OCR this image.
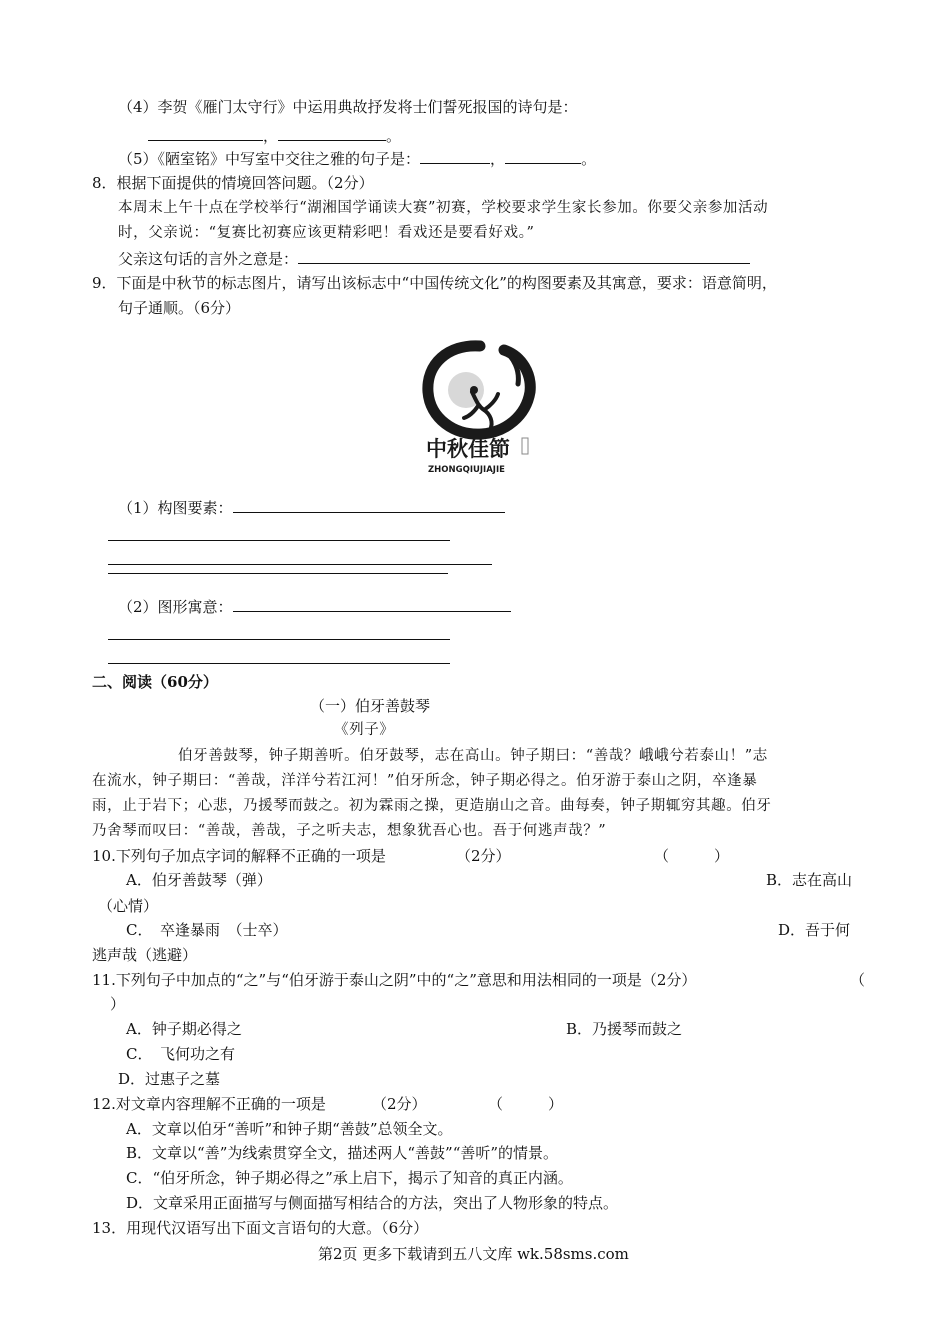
（4）李贺《雁门太守行》中运用典故抒发将士们誓死报国的诗句是：
，	。
（5）《陋室铭》中写室中交往之雅的句子是：	，	。
8．根据下面提供的情境回答问题。（2分）
本周末上午十点在学校举行“湖湘国学诵读大赛”初赛，学校要求学生家长参加。你要父亲参加活动
时，父亲说：“复赛比初赛应该更精彩吧！看戏还是要看好戏。”
父亲这句话的言外之意是：
9．下面是中秋节的标志图片，请写出该标志中“中国传统文化”的构图要素及其寓意，要求：语意简明，
句子通顺。（6分）
中秋佳節
ZHONGQIUJIAJIE
（1）构图要素：
（2）图形寓意：
二、阅读（60分）
（一）伯牙善鼓琴
《列子》
伯牙善鼓琴，钟子期善听。伯牙鼓琴，志在高山。钟子期曰：“善哉？峨峨兮若泰山！”志
在流水，钟子期曰：“善哉，洋洋兮若江河！”伯牙所念，钟子期必得之。伯牙游于泰山之阴，卒逢暴
雨，止于岩下；心悲，乃援琴而鼓之。初为霖雨之操，更造崩山之音。曲每奏，钟子期辄穷其趣。伯牙
乃舍琴而叹曰：“善哉，善哉，子之听夫志，想象犹吾心也。吾于何逃声哉？”
10.下列句子加点字词的解释不正确的一项是	（2分）	（　　　）
A．伯牙善鼓琴（弹）	B．志在高山
（心情）
C．　卒逢暴雨　（士卒）	D．吾于何
逃声哉（逃避）
11.下列句子中加点的“之”与“伯牙游于泰山之阴”中的“之”意思和用法相同的一项是（2分）	（
）
A．钟子期必得之	B．乃援琴而鼓之
C．　飞何功之有
D．过惠子之墓
12.对文章内容理解不正确的一项是	（2分）	（　　　）
A．文章以伯牙“善听”和钟子期“善鼓”总领全文。
B．文章以“善”为线索贯穿全文，描述两人“善鼓”“善听”的情景。
C．“伯牙所念，钟子期必得之”承上启下，揭示了知音的真正内涵。
D．文章采用正面描写与侧面描写相结合的方法，突出了人物形象的特点。
13．用现代汉语写出下面文言语句的大意。（6分）
第2页 更多下载请到五八文库 wk.58sms.com
